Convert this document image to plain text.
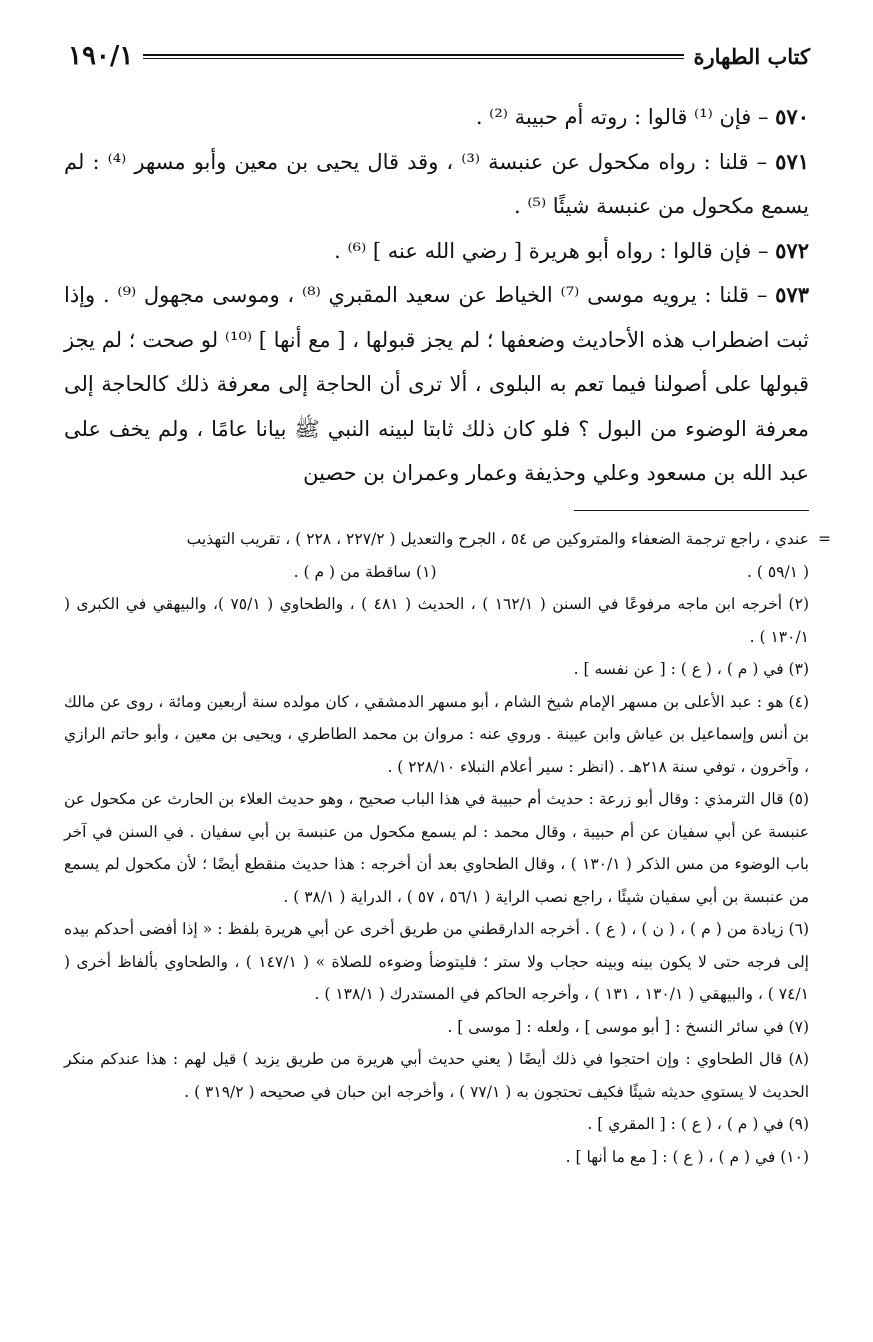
كتاب الطهارة
١٩٠/١

٥٧٠ – فإن ⁽¹⁾ قالوا : روته أم حبيبة ⁽²⁾ .

٥٧١ – قلنا : رواه مكحول عن عنبسة ⁽³⁾ ، وقد قال يحيى بن معين وأبو مسهر ⁽⁴⁾ : لم يسمع مكحول من عنبسة شيئًا ⁽⁵⁾ .

٥٧٢ – فإن قالوا : رواه أبو هريرة [ رضي الله عنه ] ⁽⁶⁾ .

٥٧٣ – قلنا : يرويه موسى ⁽⁷⁾ الخياط عن سعيد المقبري ⁽⁸⁾ ، وموسى مجهول ⁽⁹⁾ . وإذا ثبت اضطراب هذه الأحاديث وضعفها ؛ لم يجز قبولها ، [ مع أنها ] ⁽¹⁰⁾ لو صحت ؛ لم يجز قبولها على أصولنا فيما تعم به البلوى ، ألا ترى أن الحاجة إلى معرفة ذلك كالحاجة إلى معرفة الوضوء من البول ؟ فلو كان ذلك ثابتا لبينه النبي ﷺ بيانا عامًا ، ولم يخف على عبد الله بن مسعود وعلي وحذيفة وعمار وعمران بن حصين

=
عندي ، راجع ترجمة الضعفاء والمتروكين ص ٥٤ ، الجرح والتعديل ( ٢٢٧/٢ ، ٢٢٨ ) ، تقريب التهذيب

( ٥٩/١ ) .
(١) ساقطة من ( م ) .

(٢) أخرجه ابن ماجه مرفوعًا في السنن ( ١٦٢/١ ) ، الحديث ( ٤٨١ ) ، والطحاوي ( ٧٥/١ )، والبيهقي في الكبرى ( ١٣٠/١ ) .

(٣) في ( م ) ، ( ع ) : [ عن نفسه ] .

(٤) هو : عبد الأعلى بن مسهر الإمام شيخ الشام ، أبو مسهر الدمشقي ، كان مولده سنة أربعين ومائة ، روى عن مالك بن أنس وإسماعيل بن عياش وابن عيينة . وروي عنه : مروان بن محمد الطاطري ، ويحيى بن معين ، وأبو حاتم الرازي ، وآخرون ، توفي سنة ٢١٨هـ . (انظر : سير أعلام النبلاء ٢٢٨/١٠ ) .

(٥) قال الترمذي : وقال أبو زرعة : حديث أم حبيبة في هذا الباب صحيح ، وهو حديث العلاء بن الحارث عن مكحول عن عنبسة عن أبي سفيان عن أم حبيبة ، وقال محمد : لم يسمع مكحول من عنبسة بن أبي سفيان . في السنن في آخر باب الوضوء من مس الذكر ( ١٣٠/١ ) ، وقال الطحاوي بعد أن أخرجه : هذا حديث منقطع أيضًا ؛ لأن مكحول لم يسمع من عنبسة بن أبي سفيان شيئًا ، راجع نصب الراية ( ٥٦/١ ، ٥٧ ) ، الدراية ( ٣٨/١ ) .

(٦) زيادة من ( م ) ، ( ن ) ، ( ع ) . أخرجه الدارقطني من طريق أخرى عن أبي هريرة بلفظ : « إذا أفضى أحدكم بيده إلى فرجه حتى لا يكون بينه وبينه حجاب ولا ستر ؛ فليتوضأ وضوءه للصلاة » ( ١٤٧/١ ) ، والطحاوي بألفاظ أخرى ( ٧٤/١ ) ، والبيهقي ( ١٣٠/١ ، ١٣١ ) ، وأخرجه الحاكم في المستدرك ( ١٣٨/١ ) .

(٧) في سائر النسخ : [ أبو موسى ] ، ولعله : [ موسى ] .

(٨) قال الطحاوي : وإن احتجوا في ذلك أيضًا ( يعني حديث أبي هريرة من طريق يزيد ) قيل لهم : هذا عندكم منكر الحديث لا يستوي حديثه شيئًا فكيف تحتجون به ( ٧٧/١ ) ، وأخرجه ابن حبان في صحيحه ( ٣١٩/٢ ) .

(٩) في ( م ) ، ( ع ) : [ المقري ] .

(١٠) في ( م ) ، ( ع ) : [ مع ما أنها ] .
